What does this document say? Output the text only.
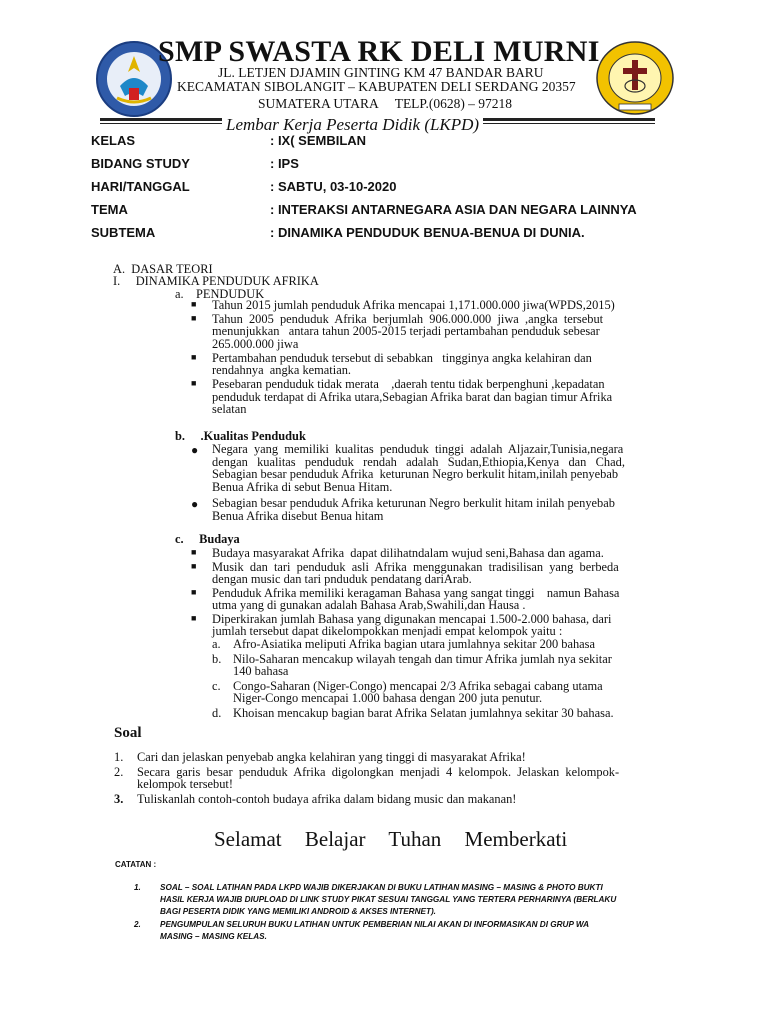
SMP SWASTA RK DELI MURNI
JL. LETJEN DJAMIN GINTING KM 47 BANDAR BARU
KECAMATAN SIBOLANGIT – KABUPATEN DELI SERDANG 20357
SUMATERA UTARA     TELP.(0628) – 97218
Lembar Kerja Peserta Didik (LKPD)
KELAS	: IX( SEMBILAN
BIDANG STUDY	: IPS
HARI/TANGGAL	: SABTU, 03-10-2020
TEMA	: INTERAKSI ANTARNEGARA ASIA DAN NEGARA LAINNYA
SUBTEMA	: DINAMIKA PENDUDUK BENUA-BENUA DI DUNIA.
A.  DASAR TEORI
I.     DINAMIKA PENDUDUK AFRIKA
a.    PENDUDUK
■ Tahun 2015 jumlah penduduk Afrika mencapai 1,171.000.000 jiwa(WPDS,2015)
■ Tahun  2005  penduduk  Afrika  berjumlah  906.000.000  jiwa  ,angka  tersebut
menunjukkan   antara tahun 2005-2015 terjadi pertambahan penduduk sebesar
265.000.000 jiwa
■ Pertambahan penduduk tersebut di sebabkan   tingginya angka kelahiran dan
rendahnya  angka kematian.
■ Pesebaran penduduk tidak merata    ,daerah tentu tidak berpenghuni ,kepadatan
penduduk terdapat di Afrika utara,Sebagian Afrika barat dan bagian timur Afrika
selatan
b.     .Kualitas Penduduk
● Negara  yang  memiliki  kualitas  penduduk  tinggi  adalah  Aljazair,Tunisia,negara
dengan   kualitas   penduduk   rendah   adalah   Sudan,Ethiopia,Kenya   dan   Chad,
Sebagian besar penduduk Afrika  keturunan Negro berkulit hitam,inilah penyebab
Benua Afrika di sebut Benua Hitam.
● Sebagian besar penduduk Afrika keturunan Negro berkulit hitam inilah penyebab
Benua Afrika disebut Benua hitam
c.     Budaya
■ Budaya masyarakat Afrika  dapat dilihatndalam wujud seni,Bahasa dan agama.
■ Musik  dan  tari  penduduk  asli  Afrika  menggunakan  tradisilisan  yang  berbeda
dengan music dan tari pnduduk pendatang dariArab.
■ Penduduk Afrika memiliki keragaman Bahasa yang sangat tinggi    namun Bahasa
utma yang di gunakan adalah Bahasa Arab,Swahili,dan Hausa .
■ Diperkirakan jumlah Bahasa yang digunakan mencapai 1.500-2.000 bahasa, dari
jumlah tersebut dapat dikelompokkan menjadi empat kelompok yaitu :
a. Afro-Asiatika meliputi Afrika bagian utara jumlahnya sekitar 200 bahasa
b. Nilo-Saharan mencakup wilayah tengah dan timur Afrika jumlah nya sekitar
140 bahasa
c. Congo-Saharan (Niger-Congo) mencapai 2/3 Afrika sebagai cabang utama
Niger-Congo mencapai 1.000 bahasa dengan 200 juta penutur.
d. Khoisan mencakup bagian barat Afrika Selatan jumlahnya sekitar 30 bahasa.
Soal
1. Cari dan jelaskan penyebab angka kelahiran yang tinggi di masyarakat Afrika!
2. Secara  garis  besar  penduduk  Afrika  digolongkan  menjadi  4  kelompok.  Jelaskan  kelompok-
kelompok tersebut!
3. Tuliskanlah contoh-contoh budaya afrika dalam bidang music dan makanan!
Selamat Belajar Tuhan Memberkati
CATATAN :
1. SOAL – SOAL LATIHAN PADA LKPD WAJIB DIKERJAKAN DI BUKU LATIHAN MASING – MASING & PHOTO BUKTI
HASIL KERJA WAJIB DIUPLOAD DI LINK STUDY PIKAT SESUAI TANGGAL YANG TERTERA PERHARINYA (BERLAKU
BAGI PESERTA DIDIK YANG MEMILIKI ANDROID & AKSES INTERNET).
2. PENGUMPULAN SELURUH BUKU LATIHAN UNTUK PEMBERIAN NILAI AKAN DI INFORMASIKAN DI GRUP WA
MASING – MASING KELAS.
